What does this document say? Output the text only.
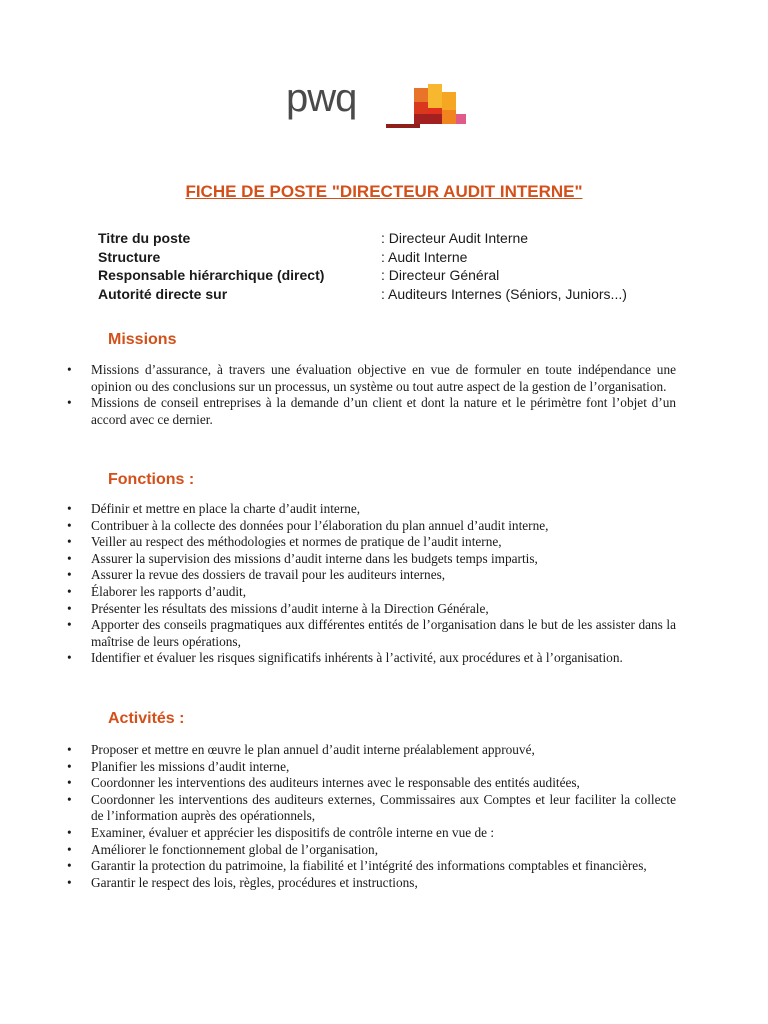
pwq
FICHE DE POSTE "DIRECTEUR AUDIT INTERNE"
Titre du poste	: Directeur Audit Interne
Structure	: Audit Interne
Responsable hiérarchique (direct)	: Directeur Général
Autorité directe sur	: Auditeurs Internes (Séniors, Juniors...)
Missions
• Missions d’assurance, à travers une évaluation objective en vue de formuler en toute indépendance une opinion ou des conclusions sur un processus, un système ou tout autre aspect de la gestion de l’organisation.
• Missions de conseil entreprises à la demande d’un client et dont la nature et le périmètre font l’objet d’un accord avec ce dernier.
Fonctions :
• Définir et mettre en place la charte d’audit interne,
• Contribuer à la collecte des données pour l’élaboration du plan annuel d’audit interne,
• Veiller au respect des méthodologies et normes de pratique de l’audit interne,
• Assurer la supervision des missions d’audit interne dans les budgets temps impartis,
• Assurer la revue des dossiers de travail pour les auditeurs internes,
• Élaborer les rapports d’audit,
• Présenter les résultats des missions d’audit interne à la Direction Générale,
• Apporter des conseils pragmatiques aux différentes entités de l’organisation dans le but de les assister dans la maîtrise de leurs opérations,
• Identifier et évaluer les risques significatifs inhérents à l’activité, aux procédures et à l’organisation.
Activités :
• Proposer et mettre en œuvre le plan annuel d’audit interne préalablement approuvé,
• Planifier les missions d’audit interne,
• Coordonner les interventions des auditeurs internes avec le responsable des entités auditées,
• Coordonner les interventions des auditeurs externes, Commissaires aux Comptes et leur faciliter la collecte de l’information auprès des opérationnels,
• Examiner, évaluer et apprécier les dispositifs de contrôle interne en vue de :
• Améliorer le fonctionnement global de l’organisation,
• Garantir la protection du patrimoine, la fiabilité et l’intégrité des informations comptables et financières,
• Garantir le respect des lois, règles, procédures et instructions,
